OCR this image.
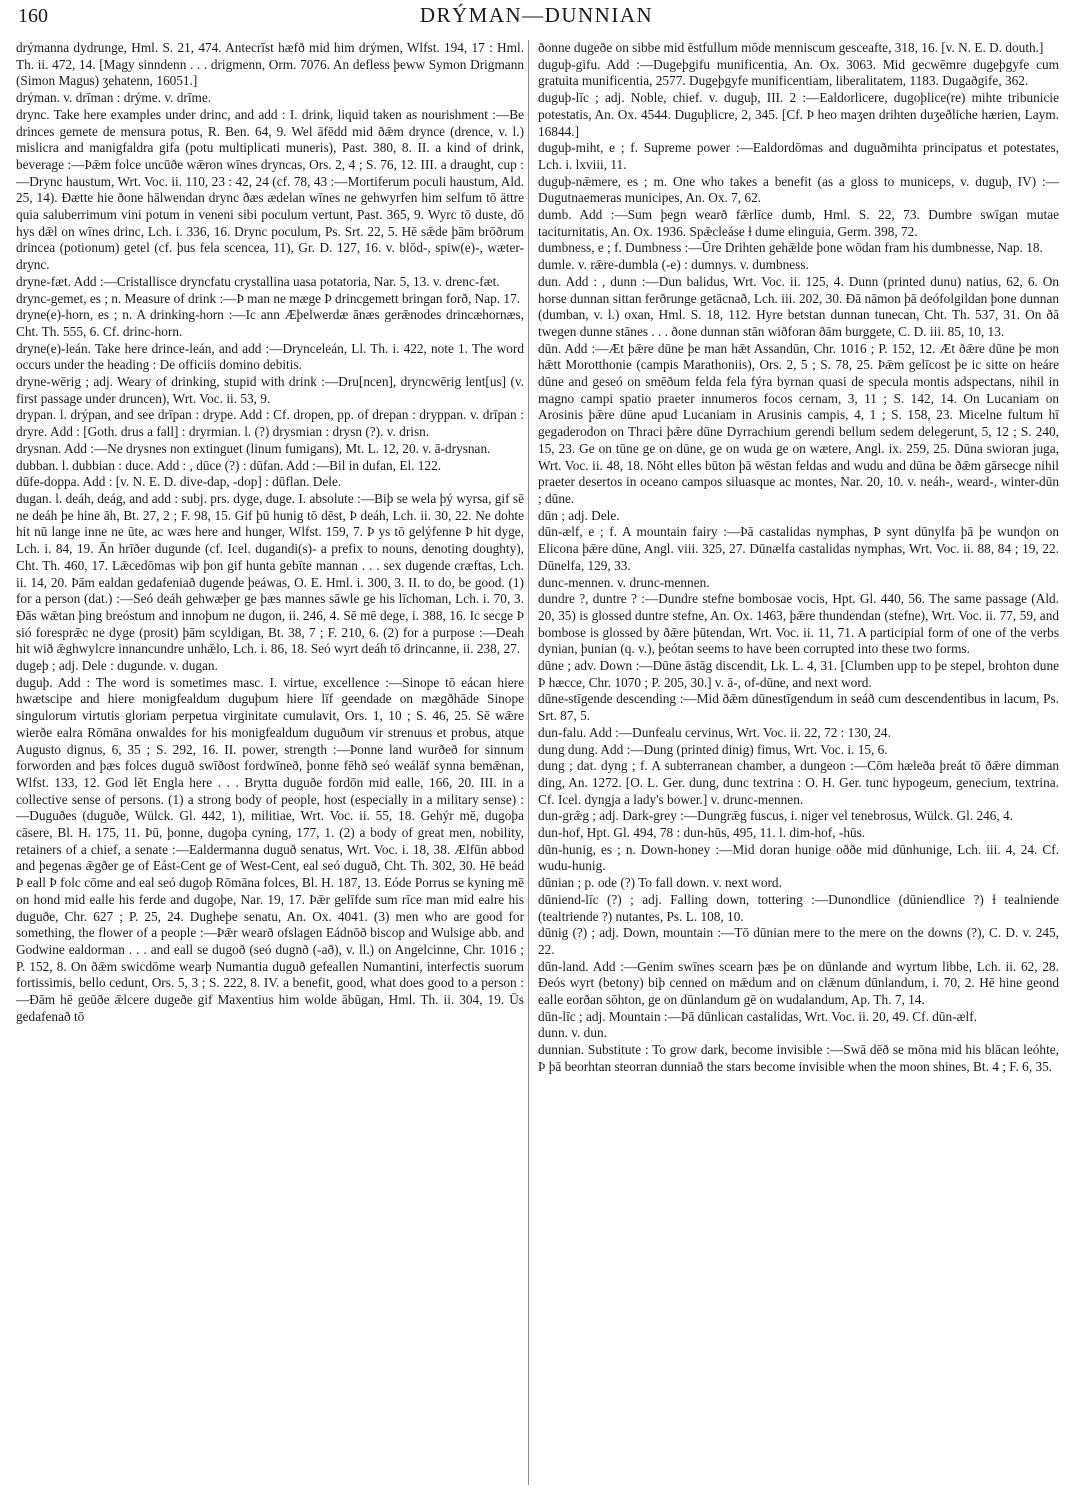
160	DRÝMAN—DUNNIAN

drýmanna dydrunge, Hml. S. 21, 474. Antecrīst hæfð mid him drýmen, Wlfst. 194, 17 : Hml. Th. ii. 472, 14. [Magy sinndenn . . . drigmenn, Orm. 7076. An defless þeww Symon Drigmann (Simon Magus) ʒehatenn, 16051.]

drýman. v. drīman : drýme. v. drīme.

drync. Take here examples under drinc, and add : I. drink, liquid taken as nourishment :—Be drinces gemete de mensura potus, R. Ben. 64, 9. Wel āfēdd mid ðǣm drynce (drence, v. l.) mislicra and manigfaldra gifa (potu multiplicati muneris), Past. 380, 8. II. a kind of drink, beverage :—Þǣm folce uncūðe wǣron wīnes dryncas, Ors. 2, 4 ; S. 76, 12. III. a draught, cup :—Drync haustum, Wrt. Voc. ii. 110, 23 : 42, 24 (cf. 78, 43 :—Mortiferum poculi haustum, Ald. 25, 14). Ðætte hie ðone hālwendan drync ðæs ædelan wīnes ne gehwyrfen him selfum tō ättre quia saluberrimum vini potum in veneni sibi poculum vertunt, Past. 365, 9. Wyrc tō duste, dō hys dǣl on wīnes drinc, Lch. i. 336, 16. Drync poculum, Ps. Srt. 22, 5. Hē sǣde þām brōðrum drincea (potionum) getel (cf. þus fela scencea, 11), Gr. D. 127, 16. v. blōd-, spiw(e)-, wæter-drync.

dryne-fæt. Add :—Cristallisce dryncfatu crystallina uasa potatoria, Nar. 5, 13. v. drenc-fæt.

drync-gemet, es ; n. Measure of drink :—Þ man ne mæge Þ drincgemett bringan forð, Nap. 17.

dryne(e)-horn, es ; n. A drinking-horn :—Ic ann Æþelwerdæ ānæs gerǣnodes drincæhornæs, Cht. Th. 555, 6. Cf. drinc-horn.

dryne(e)-leán. Take here drince-leán, and add :—Drynceleán, Ll. Th. i. 422, note 1. The word occurs under the heading : De officiis domino debitis.

dryne-wērig ; adj. Weary of drinking, stupid with drink :—Dru[ncen], dryncwērig lent[us] (v. first passage under druncen), Wrt. Voc. ii. 53, 9.

drypan. l. drýpan, and see drīpan : drype. Add : Cf. dropen, pp. of drepan : dryppan. v. drīpan : dryre. Add : [Goth. drus a fall] : dryrmian. l. (?) drysmian : drysn (?). v. drisn.

drysnan. Add :—Ne drysnes non extinguet (linum fumigans), Mt. L. 12, 20. v. ā-drysnan.

dubban. l. dubbian : duce. Add : , dūce (?) : dūfan. Add :—Bil in dufan, El. 122.

dūfe-doppa. Add : [v. N. E. D. dive-dap, -dop] : dūflan. Dele.

dugan. l. deáh, deág, and add : subj. prs. dyge, duge. I. absolute :—Biþ se wela þý wyrsa, gif sē ne deáh þe hine āh, Bt. 27, 2 ; F. 98, 15. Gif þū hunig tō dēst, Þ deáh, Lch. ii. 30, 22. Ne dohte hit nū lange inne ne ūte, ac wæs here and hunger, Wlfst. 159, 7. Þ ys tō gelýfenne Þ hit dyge, Lch. i. 84, 19. Ān hrīðer dugunde (cf. Icel. dugandi(s)- a prefix to nouns, denoting doughty), Cht. Th. 460, 17. Lǣcedōmas wiþ þon gif hunta gebīte mannan . . . sex dugende cræftas, Lch. ii. 14, 20. Þām ealdan gedafeniað dugende þeáwas, O. E. Hml. i. 300, 3. II. to do, be good. (1) for a person (dat.) :—Seó deáh gehwæþer ge þæs mannes sāwle ge his līchoman, Lch. i. 70, 3. Ðās wǣtan þing breóstum and innoþum ne dugon, ii. 246, 4. Sē mē dege, i. 388, 16. Ic secge Þ sió foresprǣc ne dyge (prosit) þām scyldigan, Bt. 38, 7 ; F. 210, 6. (2) for a purpose :—Deah hit wið ǣghwylcre innancundre unhǣlo, Lch. i. 86, 18. Seó wyrt deáh tō drincanne, ii. 238, 27.

dugeþ ; adj. Dele : dugunde. v. dugan.

duguþ. Add : The word is sometimes masc. I. virtue, excellence :—Sinope tō eácan hiere hwætscipe and hiere monigfealdum duguþum hiere līf geendade on mægðhāde Sinope singulorum virtutis gloriam perpetua virginitate cumulavit, Ors. 1, 10 ; S. 46, 25. Sē wǣre wierðe ealra Rōmāna onwaldes for his monigfealdum duguðum vir strenuus et probus, atque Augusto dignus, 6, 35 ; S. 292, 16. II. power, strength :—Þonne land wurðeð for sinnum forworden and þæs folces duguð swīðost fordwīneð, þonne fēhð seó weálāf synna bemǣnan, Wlfst. 133, 12. God lēt Engla here . . . Brytta duguðe fordōn mid ealle, 166, 20. III. in a collective sense of persons. (1) a strong body of people, host (especially in a military sense) :—Duguðes (duguðe, Wülck. Gl. 442, 1), militiae, Wrt. Voc. ii. 55, 18. Gehýr mē, dugoþa cāsere, Bl. H. 175, 11. Þū, þonne, dugoþa cyning, 177, 1. (2) a body of great men, nobility, retainers of a chief, a senate :—Ealdermanna duguð senatus, Wrt. Voc. i. 18, 38. Ælfūn abbod and þegenas ǣgðer ge of Eást-Cent ge of West-Cent, eal seó duguð, Cht. Th. 302, 30. Hē beád Þ eall Þ folc cōme and eal seó dugoþ Rōmāna folces, Bl. H. 187, 13. Eóde Porrus se kyning mē on hond mid ealle his ferde and dugoþe, Nar. 19, 17. Þǣr gelīfde sum rīce man mid ealre his duguðe, Chr. 627 ; P. 25, 24. Dugheþe senatu, An. Ox. 4041. (3) men who are good for something, the flower of a people :—Þǣr wearð ofslagen Eádnōð biscop and Wulsige abb. and Godwine ealdorman . . . and eall se dugoð (seó dugnð (-að), v. ll.) on Angelcinne, Chr. 1016 ; P. 152, 8. On ðǣm swicdōme wearþ Numantia duguð gefeallen Numantini, interfectis suorum fortissimis, bello cedunt, Ors. 5, 3 ; S. 222, 8. IV. a benefit, good, what does good to a person :—Ðām hē geūðe ǣlcere dugeðe gif Maxentius him wolde ābūgan, Hml. Th. ii. 304, 19. Ūs gedafenað tō

ðonne dugeðe on sibbe mid ēstfullum mōde menniscum gesceafte, 318, 16. [v. N. E. D. douth.]

duguþ-gifu. Add :—Dugeþgifu munificentia, An. Ox. 3063. Mid gecwēmre dugeþgyfe cum gratuita munificentia, 2577. Dugeþgyfe munificentiam, liberalitatem, 1183. Dugaðgife, 362.

duguþ-līc ; adj. Noble, chief. v. duguþ, III. 2 :—Ealdorlicere, dugoþlice(re) mihte tribunicie potestatis, An. Ox. 4544. Duguþlicre, 2, 345. [Cf. Þ heo maʒen drihten duʒeðliche hærien, Laym. 16844.]

duguþ-miht, e ; f. Supreme power :—Ealdordōmas and duguðmihta principatus et potestates, Lch. i. lxviii, 11.

duguþ-nǣmere, es ; m. One who takes a benefit (as a gloss to municeps, v. duguþ, IV) :—Dugutnaemeras municipes, An. Ox. 7, 62.

dumb. Add :—Sum þegn wearð fǣrlīce dumb, Hml. S. 22, 73. Dumbre swīgan mutae taciturnitatis, An. Ox. 1936. Spǣcleáse ɫ dume elinguia, Germ. 398, 72.

dumbness, e ; f. Dumbness :—Ūre Drihten gehǣlde þone wōdan fram his dumbnesse, Nap. 18.

dumle. v. rǣre-dumbla (-e) : dumnys. v. dumbness.

dun. Add : , dunn :—Dun balidus, Wrt. Voc. ii. 125, 4. Dunn (printed dunu) natius, 62, 6. On horse dunnan sittan ferðrunge getācnað, Lch. iii. 202, 30. Ðā nāmon þā deófolgildan þone dunnan (dumban, v. l.) oxan, Hml. S. 18, 112. Hyre betstan dunnan tunecan, Cht. Th. 537, 31. On ðā twegen dunne stānes . . . ðone dunnan stān wiðforan ðām burggete, C. D. iii. 85, 10, 13.

dūn. Add :—Æt þǣre dūne þe man hǣt Assandūn, Chr. 1016 ; P. 152, 12. Æt ðǣre dūne þe mon hǣtt Morotthonie (campis Marathoniis), Ors. 2, 5 ; S. 78, 25. Þǣm gelīcost þe ic sitte on heáre dūne and geseó on smēðum felda fela fýra byrnan quasi de specula montis adspectans, nihil in magno campi spatio praeter innumeros focos cernam, 3, 11 ; S. 142, 14. On Lucaniam on Arosinis þǣre dūne apud Lucaniam in Arusinis campis, 4, 1 ; S. 158, 23. Micelne fultum hī gegaderodon on Thraci þǣre dūne Dyrrachium gerendi bellum sedem delegerunt, 5, 12 ; S. 240, 15, 23. Ge on tūne ge on dūne, ge on wuda ge on wætere, Angl. ix. 259, 25. Dūna swioran juga, Wrt. Voc. ii. 48, 18. Nōht elles būton þā wēstan feldas and wudu and dūna be ðǣm gārsecge nihil praeter desertos in oceano campos siluasque ac montes, Nar. 20, 10. v. neáh-, weard-, winter-dūn ; dūne.

dūn ; adj. Dele.

dūn-ælf, e ; f. A mountain fairy :—Þā castalidas nymphas, Þ synt dūnylfa þā þe wunɖon on Elicona þǣre dūne, Angl. viii. 325, 27. Dūnælfa castalidas nymphas, Wrt. Voc. ii. 88, 84 ; 19, 22. Dūnelfa, 129, 33.

dunc-mennen. v. drunc-mennen.

dundre ?, duntre ? :—Dundre stefne bombosae vocis, Hpt. Gl. 440, 56. The same passage (Ald. 20, 35) is glossed duntre stefne, An. Ox. 1463, þǣre thundendan (stefne), Wrt. Voc. ii. 77, 59, and bombose is glossed by ðǣre þūtendan, Wrt. Voc. ii. 11, 71. A participial form of one of the verbs dynian, þunian (q. v.), þeótan seems to have been corrupted into these two forms.

dūne ; adv. Down :—Dūne āstāg discendit, Lk. L. 4, 31. [Clumben upp to þe stepel, brohton dune Þ hæcce, Chr. 1070 ; P. 205, 30.] v. ā-, of-dūne, and next word.

dūne-stīgende descending :—Mid ðǣm dūnestīgendum in seáð cum descendentibus in lacum, Ps. Srt. 87, 5.

dun-falu. Add :—Dunfealu cervinus, Wrt. Voc. ii. 22, 72 : 130, 24.

dung dung. Add :—Dung (printed dinig) fimus, Wrt. Voc. i. 15, 6.

dung ; dat. dyng ; f. A subterranean chamber, a dungeon :—Cōm hæleða þreát tō ðǣre dimman ding, An. 1272. [O. L. Ger. dung, dunc textrina : O. H. Ger. tunc hypogeum, genecium, textrina. Cf. Icel. dyngja a lady's bower.] v. drunc-mennen.

dun-grǣg ; adj. Dark-grey :—Dungrǣg fuscus, i. niger vel tenebrosus, Wülck. Gl. 246, 4.

dun-hof, Hpt. Gl. 494, 78 : dun-hūs, 495, 11. l. dim-hof, -hūs.

dūn-hunig, es ; n. Down-honey :—Mid doran hunige oððe mid dūnhunige, Lch. iii. 4, 24. Cf. wudu-hunig.

dūnian ; p. ode (?) To fall down. v. next word.

dūniend-līc (?) ; adj. Falling down, tottering :—Dunondlice (dūniendlice ?) ɫ tealniende (tealtriende ?) nutantes, Ps. L. 108, 10.

dūnig (?) ; adj. Down, mountain :—Tō dūnian mere to the mere on the downs (?), C. D. v. 245, 22.

dūn-land. Add :—Genim swīnes scearn þæs þe on dūnlande and wyrtum libbe, Lch. ii. 62, 28. Ðeós wyrt (betony) biþ cenned on mǣdum and on clǣnum dūnlandum, i. 70, 2. Hē hine geond ealle eorðan sōhton, ge on dūnlandum gē on wudalandum, Ap. Th. 7, 14.

dūn-līc ; adj. Mountain :—Þā dūnlican castalidas, Wrt. Voc. ii. 20, 49. Cf. dūn-ælf.

dunn. v. dun.

dunnian. Substitute : To grow dark, become invisible :—Swā dēð se mōna mid his blācan leóhte, Þ þā beorhtan steorran dunniað the stars become invisible when the moon shines, Bt. 4 ; F. 6, 35.
